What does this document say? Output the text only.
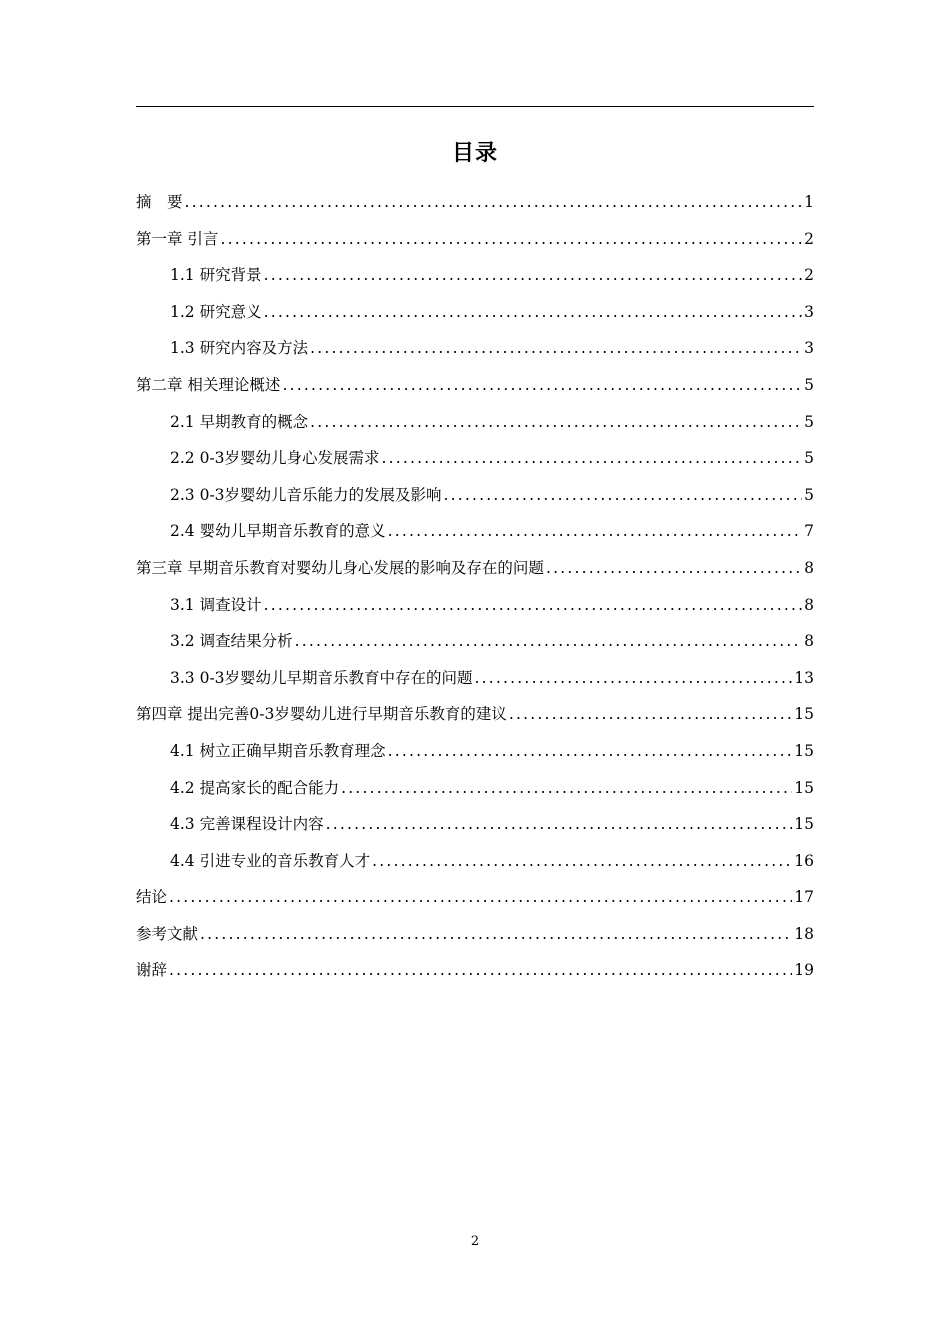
目录
摘　要 .....	1
第一章 引言 .....	2
1.1 研究背景 .....	2
1.2 研究意义 .....	3
1.3 研究内容及方法 .....	3
第二章 相关理论概述 .....	5
2.1 早期教育的概念 .....	5
2.2 0-3岁婴幼儿身心发展需求 .....	5
2.3 0-3岁婴幼儿音乐能力的发展及影响 .....	5
2.4 婴幼儿早期音乐教育的意义 .....	7
第三章 早期音乐教育对婴幼儿身心发展的影响及存在的问题 .....	8
3.1 调查设计 .....	8
3.2 调查结果分析 .....	8
3.3 0-3岁婴幼儿早期音乐教育中存在的问题 .....	13
第四章 提出完善0-3岁婴幼儿进行早期音乐教育的建议 .....	15
4.1 树立正确早期音乐教育理念 .....	15
4.2 提高家长的配合能力 .....	15
4.3 完善课程设计内容 .....	15
4.4 引进专业的音乐教育人才 .....	16
结论 .....	17
参考文献 .....	18
谢辞 .....	19
2
